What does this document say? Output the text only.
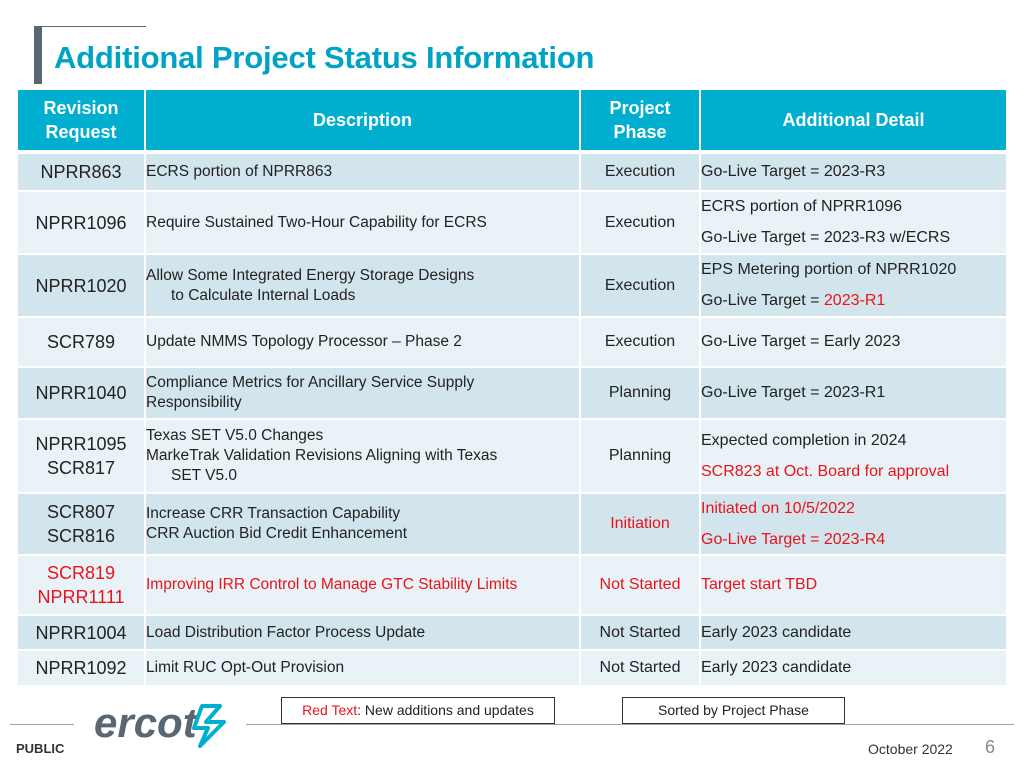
Additional Project Status Information
Revision
Request	Description	Project
Phase	Additional Detail

NPRR863	ECRS portion of NPRR863	Execution	Go-Live Target = 2023-R3

NPRR1096	Require Sustained Two-Hour Capability for ECRS	Execution	ECRS portion of NPRR1096
Go-Live Target = 2023-R3 w/ECRS

NPRR1020	Allow Some Integrated Energy Storage Designs
to Calculate Internal Loads	Execution	EPS Metering portion of NPRR1020
Go-Live Target = 2023-R1

SCR789	Update NMMS Topology Processor – Phase 2	Execution	Go-Live Target = Early 2023

NPRR1040	Compliance Metrics for Ancillary Service Supply
Responsibility	Planning	Go-Live Target = 2023-R1

NPRR1095
SCR817	Texas SET V5.0 Changes
MarkeTrak Validation Revisions Aligning with Texas
SET V5.0	Planning	Expected completion in 2024
SCR823 at Oct. Board for approval

SCR807
SCR816	Increase CRR Transaction Capability
CRR Auction Bid Credit Enhancement	Initiation	Initiated on 10/5/2022
Go-Live Target = 2023-R4

SCR819
NPRR1111	Improving IRR Control to Manage GTC Stability Limits	Not Started	Target start TBD

NPRR1004	Load Distribution Factor Process Update	Not Started	Early 2023 candidate

NPRR1092	Limit RUC Opt-Out Provision	Not Started	Early 2023 candidate
Red Text: New additions and updates	Sorted by Project Phase
ercot
PUBLIC	October 2022 6
